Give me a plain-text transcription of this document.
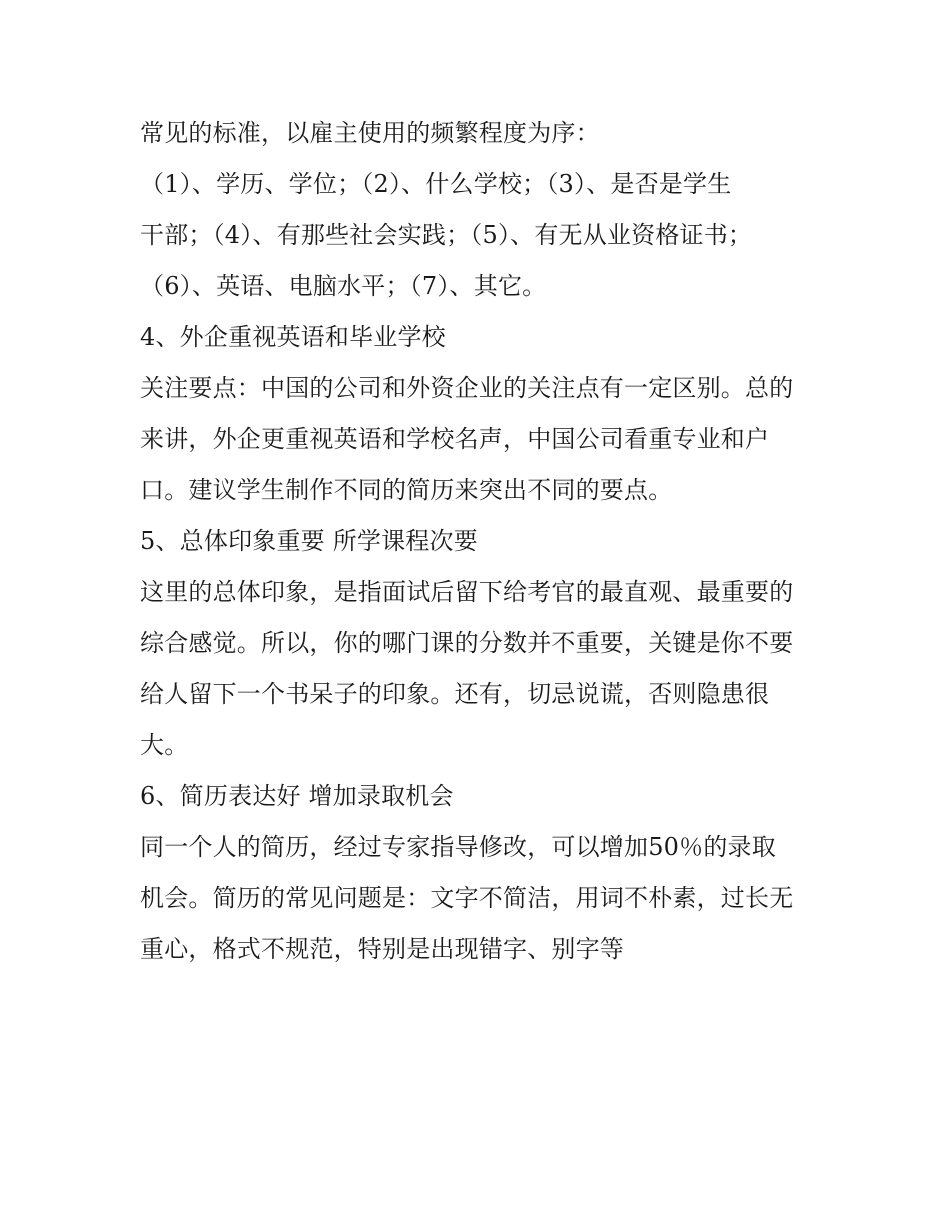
常见的标准，以雇主使用的频繁程度为序：
（1）、学历、学位；（2）、什么学校；（3）、是否是学生
干部；（4）、有那些社会实践；（5）、有无从业资格证书；
（6）、英语、电脑水平；（7）、其它。
4、外企重视英语和毕业学校
关注要点：中国的公司和外资企业的关注点有一定区别。总的
来讲，外企更重视英语和学校名声，中国公司看重专业和户
口。建议学生制作不同的简历来突出不同的要点。
5、总体印象重要 所学课程次要
这里的总体印象，是指面试后留下给考官的最直观、最重要的
综合感觉。所以，你的哪门课的分数并不重要，关键是你不要
给人留下一个书呆子的印象。还有，切忌说谎，否则隐患很
大。
6、简历表达好 增加录取机会
同一个人的简历，经过专家指导修改，可以增加50％的录取
机会。简历的常见问题是：文字不简洁，用词不朴素，过长无
重心，格式不规范，特别是出现错字、别字等
